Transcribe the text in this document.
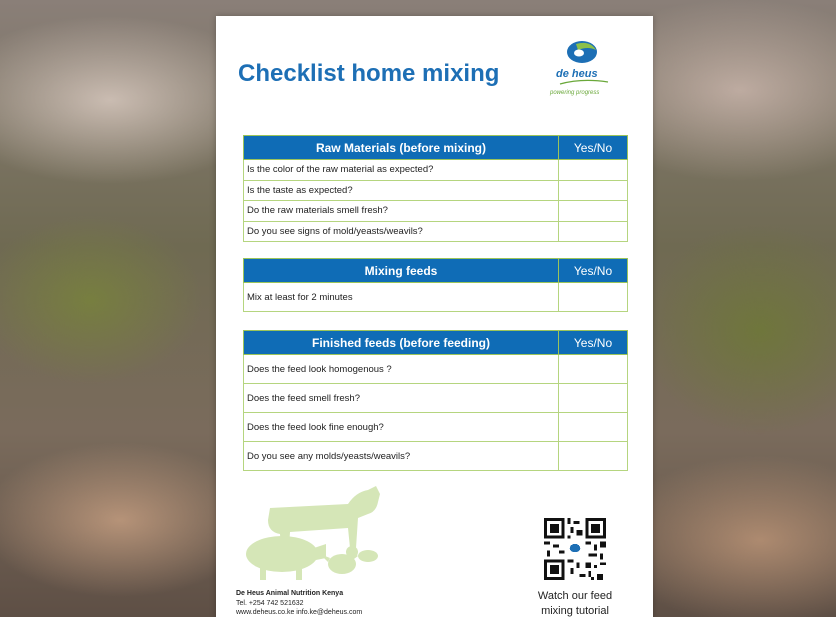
Checklist home mixing	de heus
powering progress
Raw Materials (before mixing)	Yes/No
Is the color of the raw material as expected?	
Is the taste as expected?	
Do the raw materials smell fresh?	
Do you see signs of mold/yeasts/weavils?	
Mixing feeds	Yes/No
Mix at least for 2 minutes	
Finished feeds (before feeding)	Yes/No
Does the feed look homogenous ?	
Does the feed smell fresh?	
Does the feed look fine enough?	
Do you see any molds/yeasts/weavils?	
De Heus Animal Nutrition Kenya
Tel. +254 742 521632
www.deheus.co.ke info.ke@deheus.com
Watch our feed
mixing tutorial
